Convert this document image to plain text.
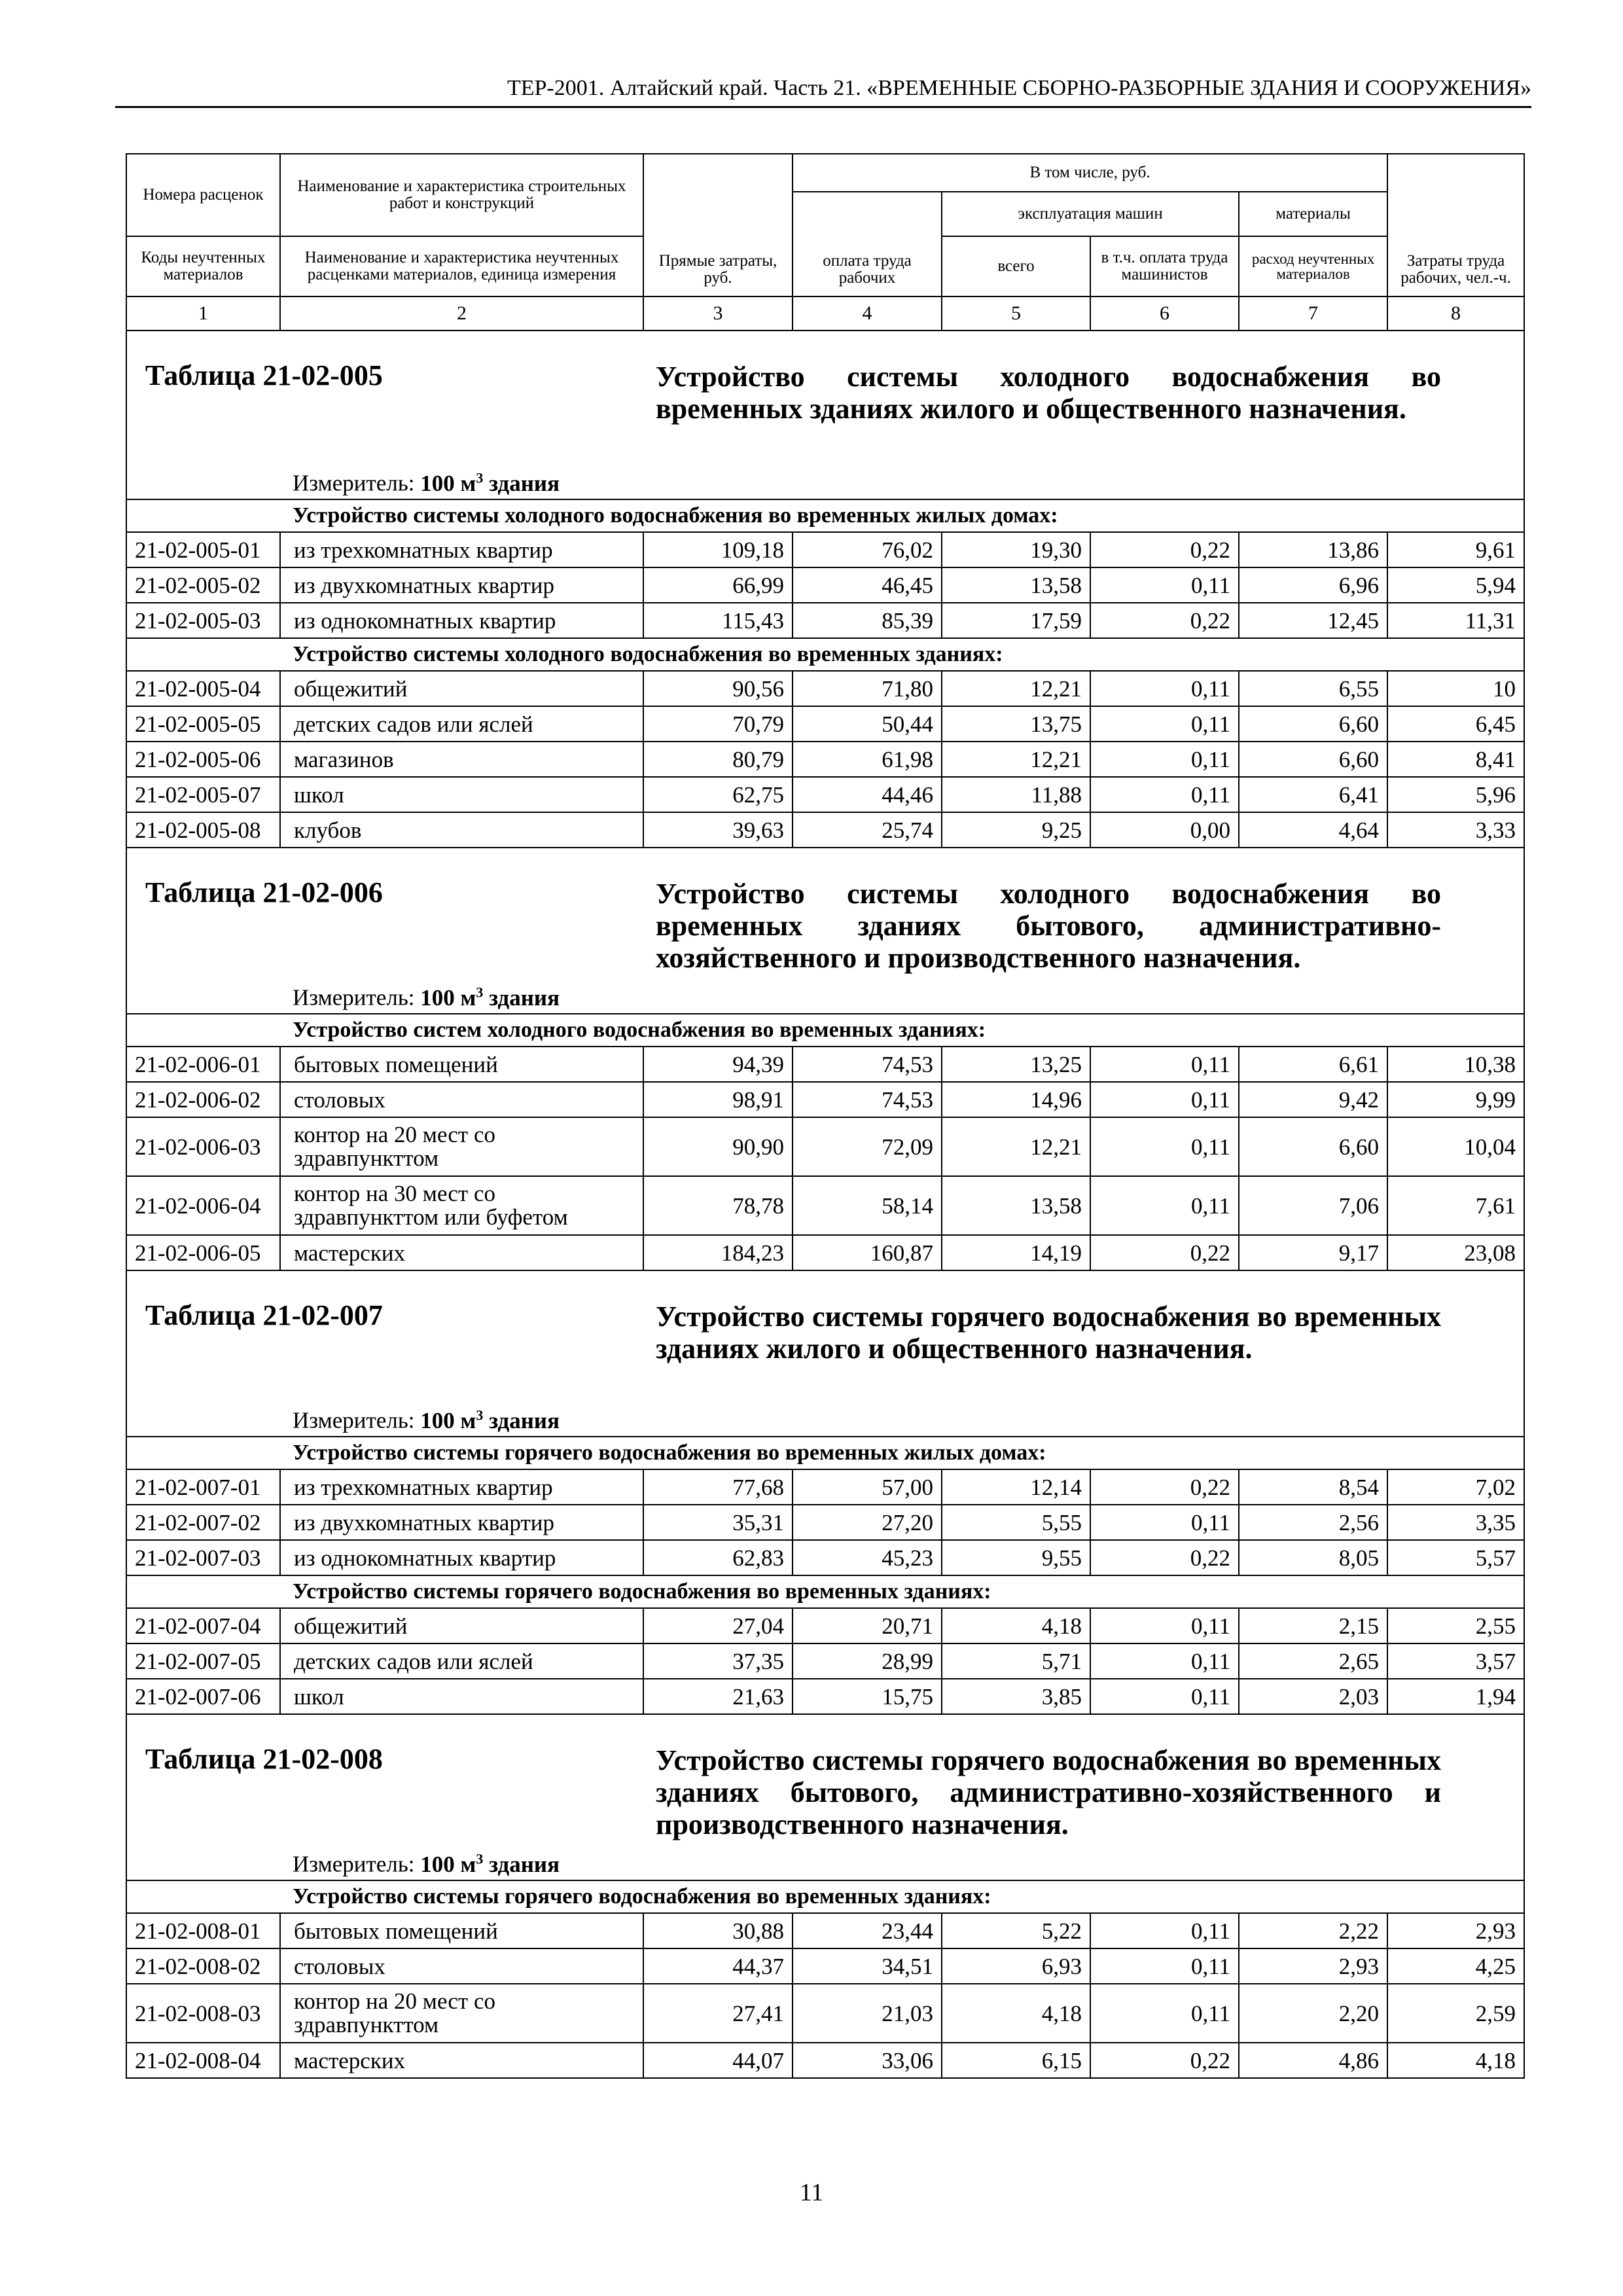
ТЕР-2001. Алтайский край. Часть 21. «ВРЕМЕННЫЕ СБОРНО-РАЗБОРНЫЕ ЗДАНИЯ И СООРУЖЕНИЯ»
Номера расценок	Наименование и характеристика строительных работ и конструкций	Прямые затраты, руб.	В том числе, руб.				Затраты труда рабочих, чел.-ч.
			оплата труда рабочих	эксплуатация машин		материалы	
Коды неучтенных материалов	Наименование и характеристика неучтенных расценками материалов, единица измерения			всего	в т.ч. оплата труда машинистов	расход неучтенных материалов	

1	2	3	4	5	6	7	8

Таблица 21-02-005 Устройство системы холодного водоснабжения во временных зданиях жилого и общественного назначения.
Измеритель: 100 $м^3$ здания							

Устройство системы холодного водоснабжения во временных жилых домах:							
21-02-005-01	из трехкомнатных квартир	109,18	76,02	19,30	0,22	13,86	9,61
21-02-005-02	из двухкомнатных квартир	66,99	46,45	13,58	0,11	6,96	5,94
21-02-005-03	из однокомнатных квартир	115,43	85,39	17,59	0,22	12,45	11,31
Устройство системы холодного водоснабжения во временных зданиях:							
21-02-005-04	общежитий	90,56	71,80	12,21	0,11	6,55	10
21-02-005-05	детских садов или яслей	70,79	50,44	13,75	0,11	6,60	6,45
21-02-005-06	магазинов	80,79	61,98	12,21	0,11	6,60	8,41
21-02-005-07	школ	62,75	44,46	11,88	0,11	6,41	5,96
21-02-005-08	клубов	39,63	25,74	9,25	0,00	4,64	3,33

Таблица 21-02-006 Устройство системы холодного водоснабжения во временных зданиях бытового, административно-хозяйственного и производственного назначения.
Измеритель: 100 $м^3$ здания							

Устройство систем холодного водоснабжения во временных зданиях:							
21-02-006-01	бытовых помещений	94,39	74,53	13,25	0,11	6,61	10,38
21-02-006-02	столовых	98,91	74,53	14,96	0,11	9,42	9,99
21-02-006-03	контор на 20 мест со здравпункттом	90,90	72,09	12,21	0,11	6,60	10,04
21-02-006-04	контор на 30 мест со здравпункттом или буфетом	78,78	58,14	13,58	0,11	7,06	7,61
21-02-006-05	мастерских	184,23	160,87	14,19	0,22	9,17	23,08

Таблица 21-02-007 Устройство системы горячего водоснабжения во временных зданиях жилого и общественного назначения.
Измеритель: 100 $м^3$ здания							

Устройство системы горячего водоснабжения во временных жилых домах:							
21-02-007-01	из трехкомнатных квартир	77,68	57,00	12,14	0,22	8,54	7,02
21-02-007-02	из двухкомнатных квартир	35,31	27,20	5,55	0,11	2,56	3,35
21-02-007-03	из однокомнатных квартир	62,83	45,23	9,55	0,22	8,05	5,57
Устройство системы горячего водоснабжения во временных зданиях:							
21-02-007-04	общежитий	27,04	20,71	4,18	0,11	2,15	2,55
21-02-007-05	детских садов или яслей	37,35	28,99	5,71	0,11	2,65	3,57
21-02-007-06	школ	21,63	15,75	3,85	0,11	2,03	1,94

Таблица 21-02-008 Устройство системы горячего водоснабжения во временных зданиях бытового, административно-хозяйственного и производственного назначения.
Измеритель: 100 $м^3$ здания							

Устройство системы горячего водоснабжения во временных зданиях:							
21-02-008-01	бытовых помещений	30,88	23,44	5,22	0,11	2,22	2,93
21-02-008-02	столовых	44,37	34,51	6,93	0,11	2,93	4,25
21-02-008-03	контор на 20 мест со здравпункттом	27,41	21,03	4,18	0,11	2,20	2,59
21-02-008-04	мастерских	44,07	33,06	6,15	0,22	4,86	4,18
11
